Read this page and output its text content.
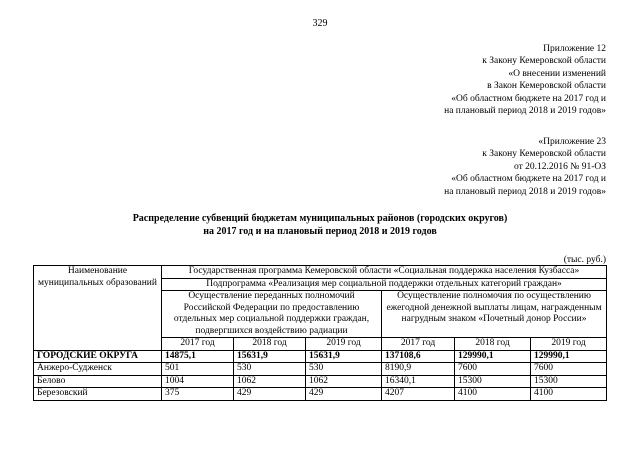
329
Приложение 12
к Закону Кемеровской области
«О внесении изменений
в Закон Кемеровской области
«Об областном бюджете на 2017 год и
на плановый период 2018 и 2019 годов»
«Приложение 23
к Закону Кемеровской области
от 20.12.2016 № 91-ОЗ
«Об областном бюджете на 2017 год и
на плановый период 2018 и 2019 годов»
Распределение субвенций бюджетам муниципальных районов (городских округов)
на 2017 год и на плановый период 2018 и 2019 годов
(тыс. руб.)
Наименование муниципальных образований	Государственная программа Кемеровской области «Социальная поддержка населения Кузбасса»					
	Подпрограмма «Реализация мер социальной поддержки отдельных категорий граждан»					
	Осуществление переданных полномочий Российской Федерации по предоставлению отдельных мер социальной поддержки граждан, подвергшихся воздействию радиации			Осуществление полномочия по осуществлению ежегодной денежной выплаты лицам, награжденным нагрудным знаком «Почетный донор России»		
	2017 год	2018 год	2019 год	2017 год	2018 год	2019 год
ГОРОДСКИЕ ОКРУГА	14875,1	15631,9	15631,9	137108,6	129990,1	129990,1
Анжеро-Судженск	501	530	530	8190,9	7600	7600
Белово	1004	1062	1062	16340,1	15300	15300
Березовский	375	429	429	4207	4100	4100
